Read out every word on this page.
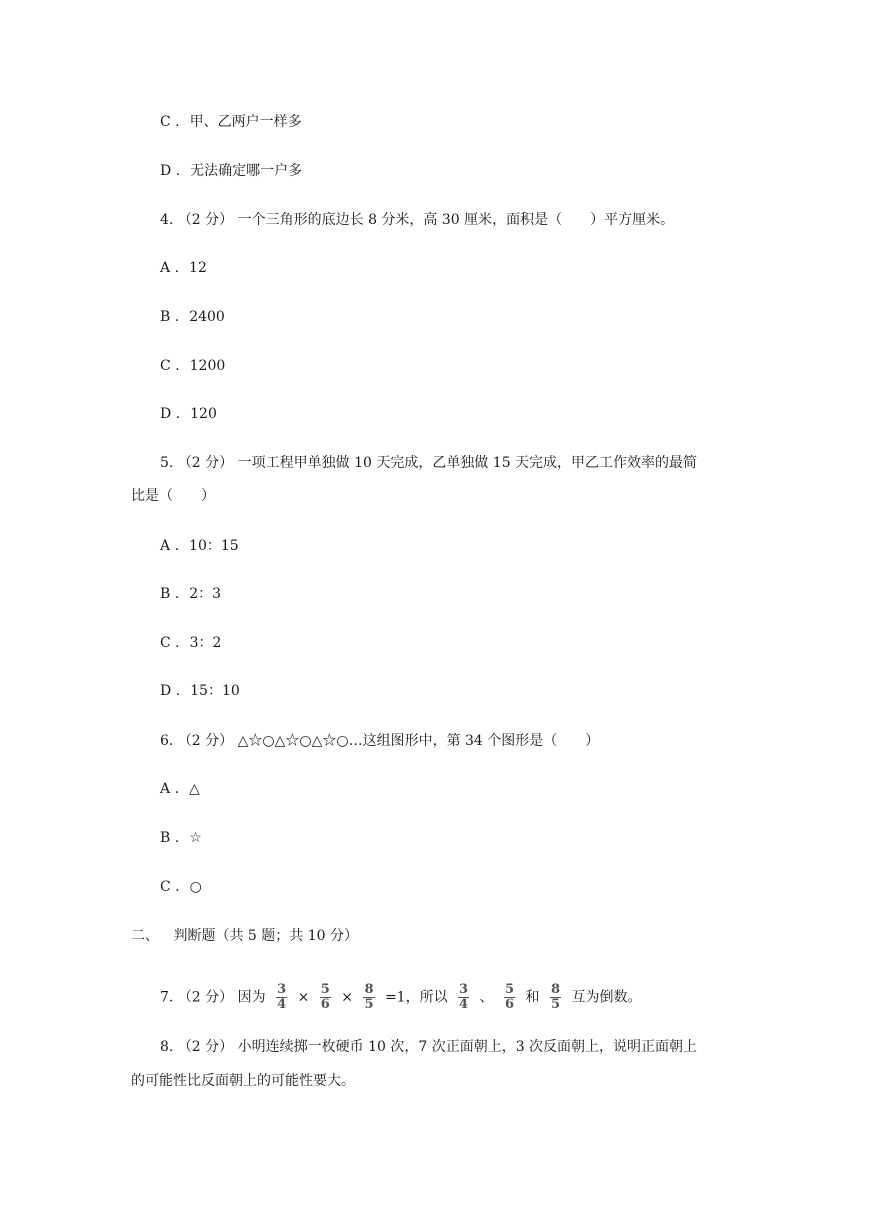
C . 甲、乙两户一样多
D . 无法确定哪一户多
4. （2 分） 一个三角形的底边长 8 分米，高 30 厘米，面积是（　　）平方厘米。
A . 12
B . 2400
C . 1200
D . 120
5. （2 分） 一项工程甲单独做 10 天完成，乙单独做 15 天完成，甲乙工作效率的最简
比是（　　）
A . 10：15
B . 2：3
C . 3：2
D . 15：10
6. （2 分） △☆○△☆○△☆○…这组图形中，第 34 个图形是（　　）
A . △
B . ☆
C . ○
二、 判断题（共 5 题；共 10 分）
7. （2 分） 因为 $\frac{3}{4} \times \frac{5}{6} \times \frac{8}{5} =1$，所以 $\frac{3}{4}$ 、 $\frac{5}{6}$ 和 $\frac{8}{5}$ 互为倒数。
8. （2 分） 小明连续掷一枚硬币 10 次，7 次正面朝上，3 次反面朝上，说明正面朝上
的可能性比反面朝上的可能性要大。
